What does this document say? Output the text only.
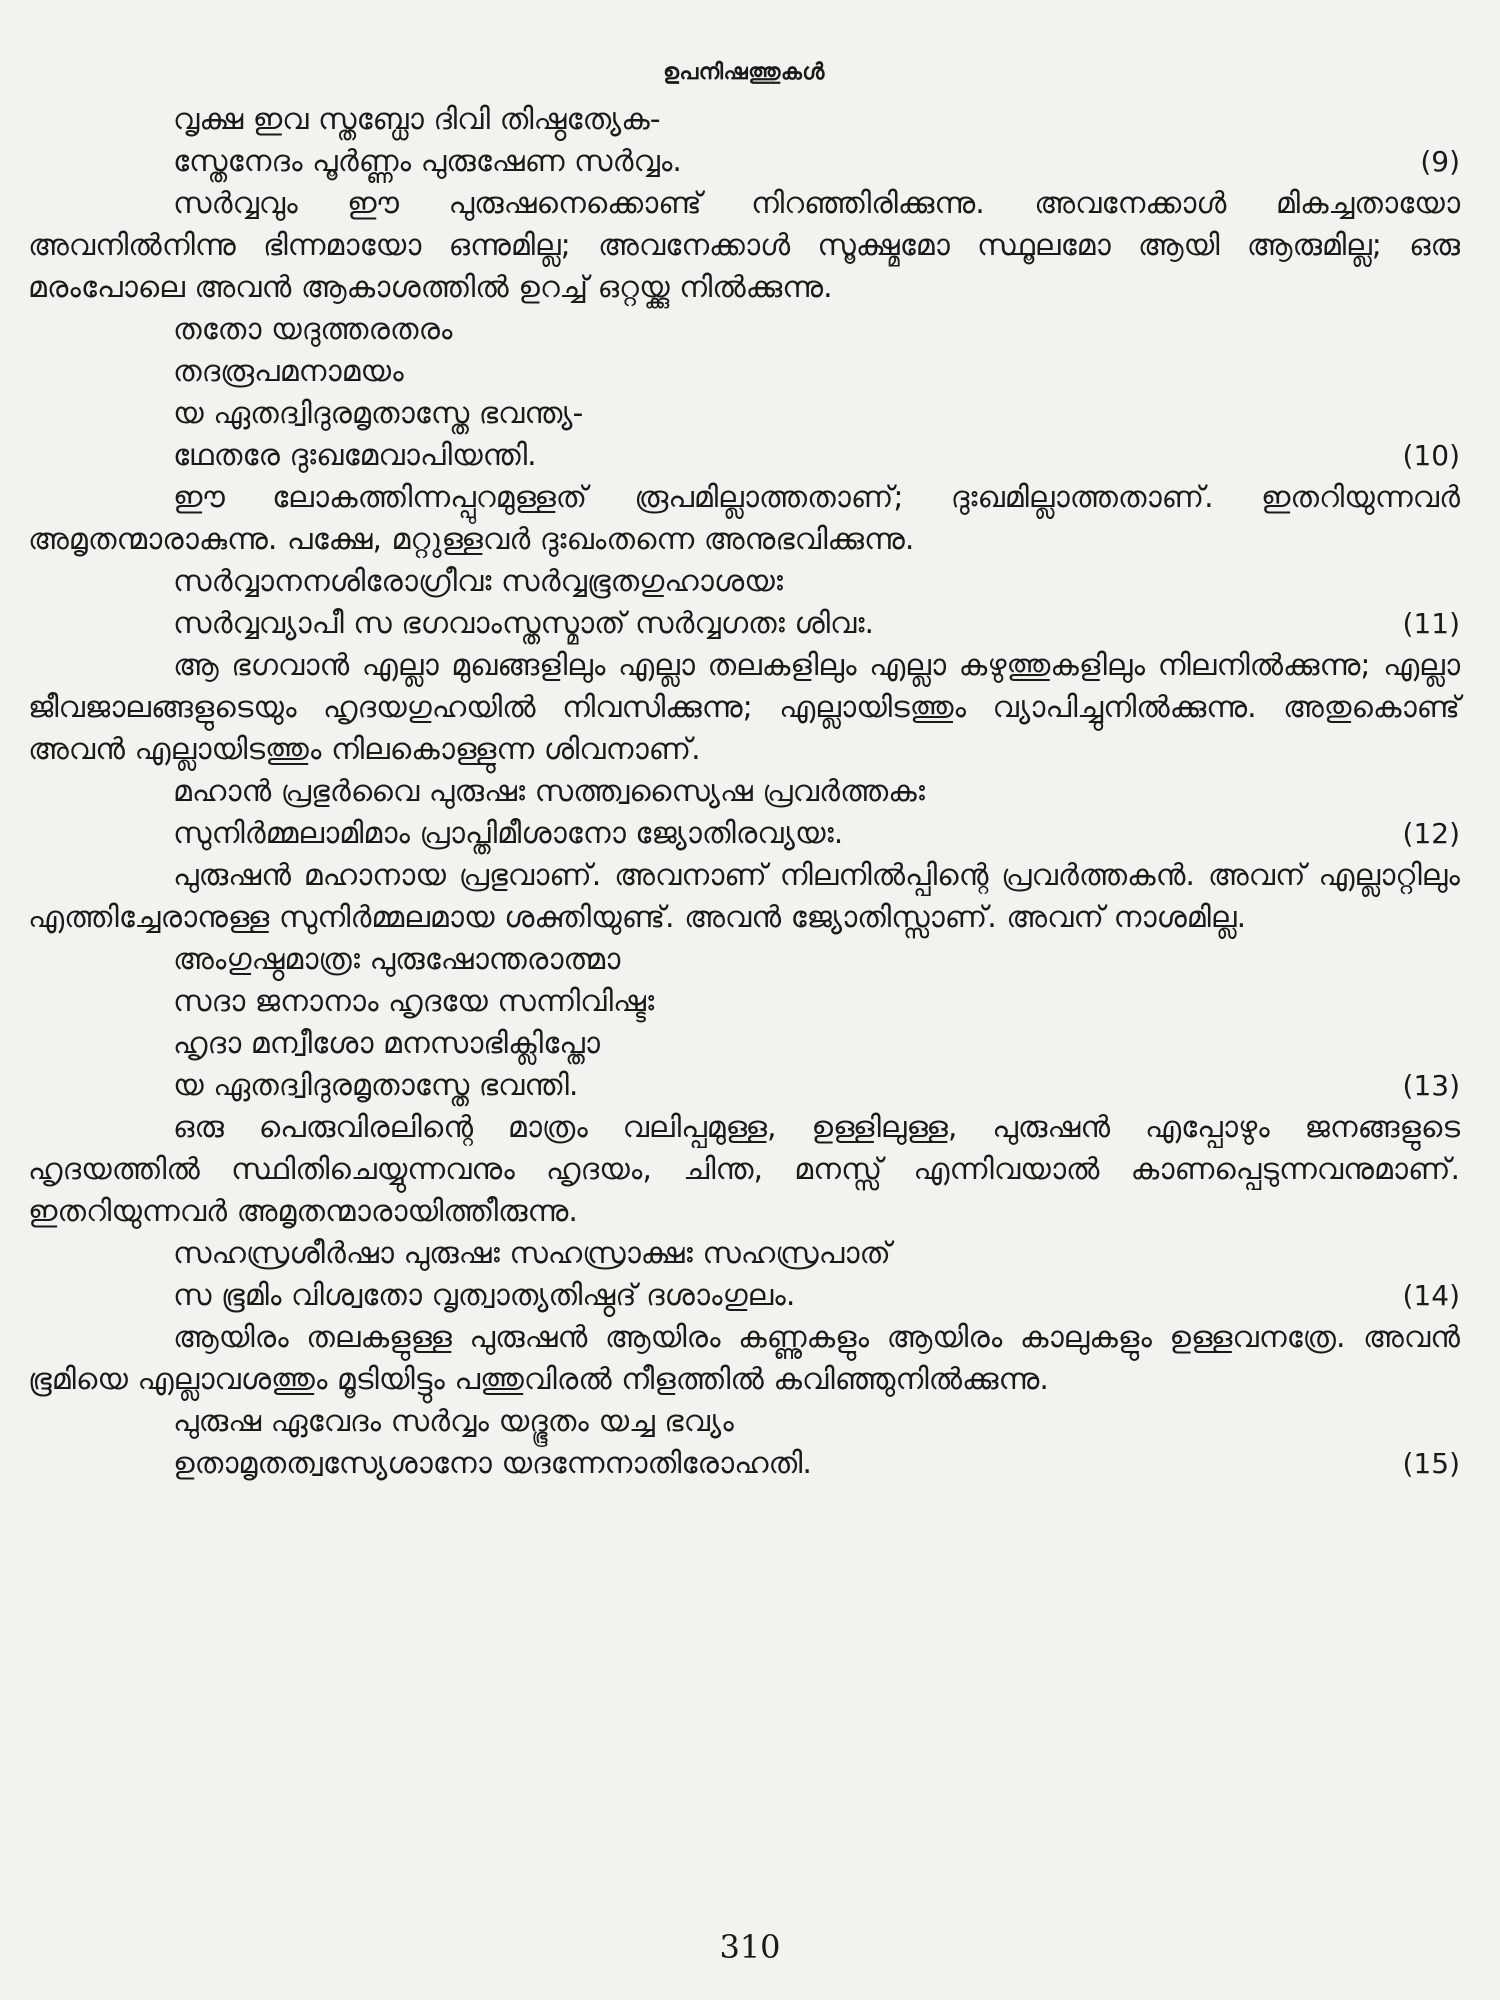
ഉപനിഷത്തുകൾ
വൃക്ഷ ഇവ സ്തബ്ധോ ദിവി തിഷ്ഠത്യേക-
സ്തേനേദം പൂർണ്ണം പുരുഷേണ സർവ്വം.	(9)

സർവ്വവും ഈ പുരുഷനെക്കൊണ്ട് നിറഞ്ഞിരിക്കുന്നു. അവനേക്കാൾ മികച്ചതായോ അവനിൽനിന്നു ഭിന്നമായോ ഒന്നുമില്ല; അവനേക്കാൾ സൂക്ഷ്മമോ സ്ഥൂലമോ ആയി ആരുമില്ല; ഒരു മരംപോലെ അവൻ ആകാശത്തിൽ ഉറച്ച് ഒറ്റയ്ക്കു നിൽക്കുന്നു.

തതോ യദുത്തരതരം
തദരൂപമനാമയം
യ ഏതദ്വിദുരമൃതാസ്തേ ഭവന്ത്യ-
ഥേതരേ ദുഃഖമേവാപിയന്തി.	(10)

ഈ ലോകത്തിന്നപ്പുറമുള്ളത് രൂപമില്ലാത്തതാണ്; ദുഃഖമില്ലാത്തതാണ്. ഇതറിയുന്നവർ അമൃതന്മാരാകുന്നു. പക്ഷേ, മറ്റുള്ളവർ ദുഃഖംതന്നെ അനുഭവിക്കുന്നു.

സർവ്വാനനശിരോഗ്രീവഃ സർവ്വഭൂതഗുഹാശയഃ
സർവ്വവ്യാപീ സ ഭഗവാംസ്തസ്മാത് സർവ്വഗതഃ ശിവഃ.	(11)

ആ ഭഗവാൻ എല്ലാ മുഖങ്ങളിലും എല്ലാ തലകളിലും എല്ലാ കഴുത്തുകളിലും നിലനിൽക്കുന്നു; എല്ലാ ജീവജാലങ്ങളുടെയും ഹൃദയഗുഹയിൽ നിവസിക്കുന്നു; എല്ലായിടത്തും വ്യാപിച്ചുനിൽക്കുന്നു. അതുകൊണ്ട് അവൻ എല്ലായിടത്തും നിലകൊള്ളുന്ന ശിവനാണ്.

മഹാൻ പ്രഭുർവൈ പുരുഷഃ സത്ത്വസ്യൈഷ പ്രവർത്തകഃ
സുനിർമ്മലാമിമാം പ്രാപ്തിമീശാനോ ജ്യോതിരവ്യയഃ.	(12)

പുരുഷൻ മഹാനായ പ്രഭുവാണ്. അവനാണ് നിലനിൽപ്പിന്റെ പ്രവർത്തകൻ. അവന് എല്ലാറ്റിലും എത്തിച്ചേരാനുള്ള സുനിർമ്മലമായ ശക്തിയുണ്ട്. അവൻ ജ്യോതിസ്സാണ്. അവന് നാശമില്ല.

അംഗുഷ്ഠമാത്രഃ പുരുഷോന്തരാത്മാ
സദാ ജനാനാം ഹൃദയേ സന്നിവിഷ്ടഃ
ഹൃദാ മന്വീശോ മനസാഭിക്ലിപ്തോ
യ ഏതദ്വിദുരമൃതാസ്തേ ഭവന്തി.	(13)

ഒരു പെരുവിരലിന്റെ മാത്രം വലിപ്പമുള്ള, ഉള്ളിലുള്ള, പുരുഷൻ എപ്പോഴും ജനങ്ങളുടെ ഹൃദയത്തിൽ സ്ഥിതിചെയ്യുന്നവനും ഹൃദയം, ചിന്ത, മനസ്സ് എന്നിവയാൽ കാണപ്പെടുന്നവനുമാണ്. ഇതറിയുന്നവർ അമൃതന്മാരായിത്തീരുന്നു.

സഹസ്രശീർഷാ പുരുഷഃ സഹസ്രാക്ഷഃ സഹസ്രപാത്
സ ഭൂമിം വിശ്വതോ വൃത്വാത്യതിഷ്ഠദ് ദശാംഗുലം.	(14)

ആയിരം തലകളുള്ള പുരുഷൻ ആയിരം കണ്ണുകളും ആയിരം കാലുകളും ഉള്ളവനത്രേ. അവൻ ഭൂമിയെ എല്ലാവശത്തും മൂടിയിട്ടും പത്തുവിരൽ നീളത്തിൽ കവിഞ്ഞുനിൽക്കുന്നു.

പുരുഷ ഏവേദം സർവ്വം യദ്ഭൂതം യച്ച ഭവ്യം
ഉതാമൃതത്വസ്യേശാനോ യദന്നേനാതിരോഹതി.	(15)
310
